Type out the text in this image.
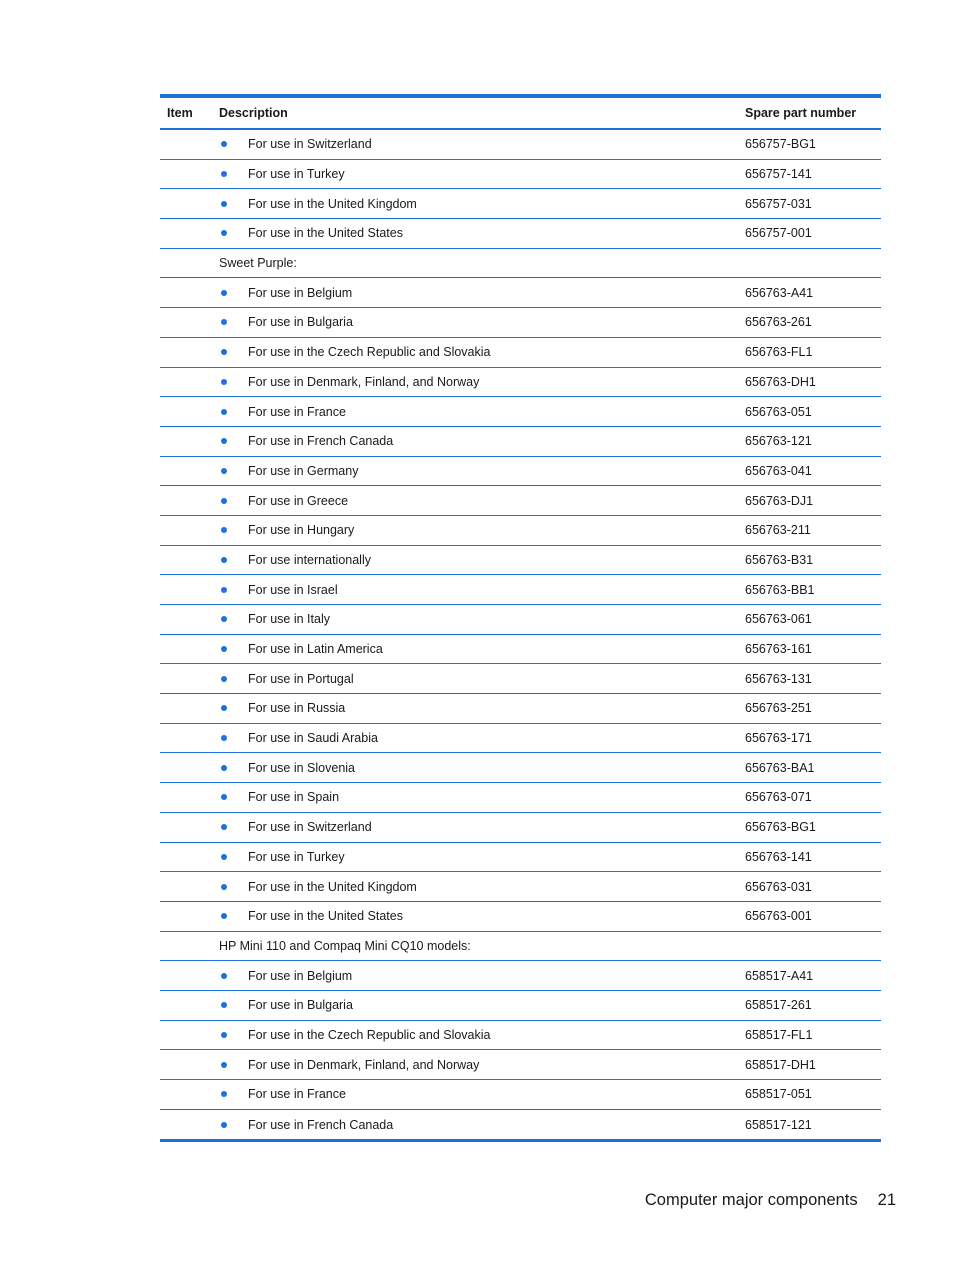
Item	Description	Spare part number
For use in Switzerland	656757-BG1
For use in Turkey	656757-141
For use in the United Kingdom	656757-031
For use in the United States	656757-001
Sweet Purple:
For use in Belgium	656763-A41
For use in Bulgaria	656763-261
For use in the Czech Republic and Slovakia	656763-FL1
For use in Denmark, Finland, and Norway	656763-DH1
For use in France	656763-051
For use in French Canada	656763-121
For use in Germany	656763-041
For use in Greece	656763-DJ1
For use in Hungary	656763-211
For use internationally	656763-B31
For use in Israel	656763-BB1
For use in Italy	656763-061
For use in Latin America	656763-161
For use in Portugal	656763-131
For use in Russia	656763-251
For use in Saudi Arabia	656763-171
For use in Slovenia	656763-BA1
For use in Spain	656763-071
For use in Switzerland	656763-BG1
For use in Turkey	656763-141
For use in the United Kingdom	656763-031
For use in the United States	656763-001
HP Mini 110 and Compaq Mini CQ10 models:
For use in Belgium	658517-A41
For use in Bulgaria	658517-261
For use in the Czech Republic and Slovakia	658517-FL1
For use in Denmark, Finland, and Norway	658517-DH1
For use in France	658517-051
For use in French Canada	658517-121
Computer major components 21
